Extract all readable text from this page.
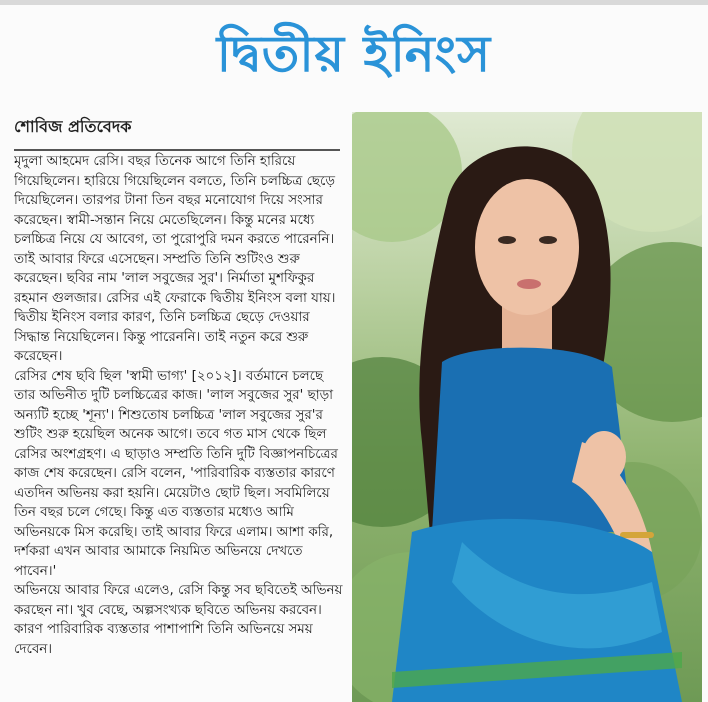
দ্বিতীয় ইনিংস
শোবিজ প্রতিবেদক

মৃদুলা আহমেদ রেসি। বছর তিনেক আগে তিনি হারিয়ে গিয়েছিলেন। হারিয়ে গিয়েছিলেন বলতে, তিনি চলচ্চিত্র ছেড়ে দিয়েছিলেন। তারপর টানা তিন বছর মনোযোগ দিয়ে সংসার করেছেন। স্বামী-সন্তান নিয়ে মেতেছিলেন। কিন্তু মনের মধ্যে চলচ্চিত্র নিয়ে যে আবেগ, তা পুরোপুরি দমন করতে পারেননি। তাই আবার ফিরে এসেছেন। সম্প্রতি তিনি শুটিংও শুরু করেছেন। ছবির নাম 'লাল সবুজের সুর'। নির্মাতা মুশফিকুর রহমান গুলজার। রেসির এই ফেরাকে দ্বিতীয় ইনিংস বলা যায়। দ্বিতীয় ইনিংস বলার কারণ, তিনি চলচ্চিত্র ছেড়ে দেওয়ার সিদ্ধান্ত নিয়েছিলেন। কিন্তু পারেননি। তাই নতুন করে শুরু করেছেন।

রেসির শেষ ছবি ছিল 'স্বামী ভাগ্য' [২০১২]। বর্তমানে চলছে তার অভিনীত দুটি চলচ্চিত্রের কাজ। 'লাল সবুজের সুর' ছাড়া অন্যটি হচ্ছে 'শূন্য'। শিশুতোষ চলচ্চিত্র 'লাল সবুজের সুর'র শুটিং শুরু হয়েছিল অনেক আগে। তবে গত মাস থেকে ছিল রেসির অংশগ্রহণ। এ ছাড়াও সম্প্রতি তিনি দুটি বিজ্ঞাপনচিত্রের কাজ শেষ করেছেন। রেসি বলেন, 'পারিবারিক ব্যস্ততার কারণে এতদিন অভিনয় করা হয়নি। মেয়েটাও ছোট ছিল। সবমিলিয়ে তিন বছর চলে গেছে। কিন্তু এত ব্যস্ততার মধ্যেও আমি অভিনয়কে মিস করেছি। তাই আবার ফিরে এলাম। আশা করি, দর্শকরা এখন আবার আমাকে নিয়মিত অভিনয়ে দেখতে পাবেন।'

অভিনয়ে আবার ফিরে এলেও, রেসি কিন্তু সব ছবিতেই অভিনয় করছেন না। খুব বেছে, অল্পসংখ্যক ছবিতে অভিনয় করবেন। কারণ পারিবারিক ব্যস্ততার পাশাপাশি তিনি অভিনয়ে সময় দেবেন।
